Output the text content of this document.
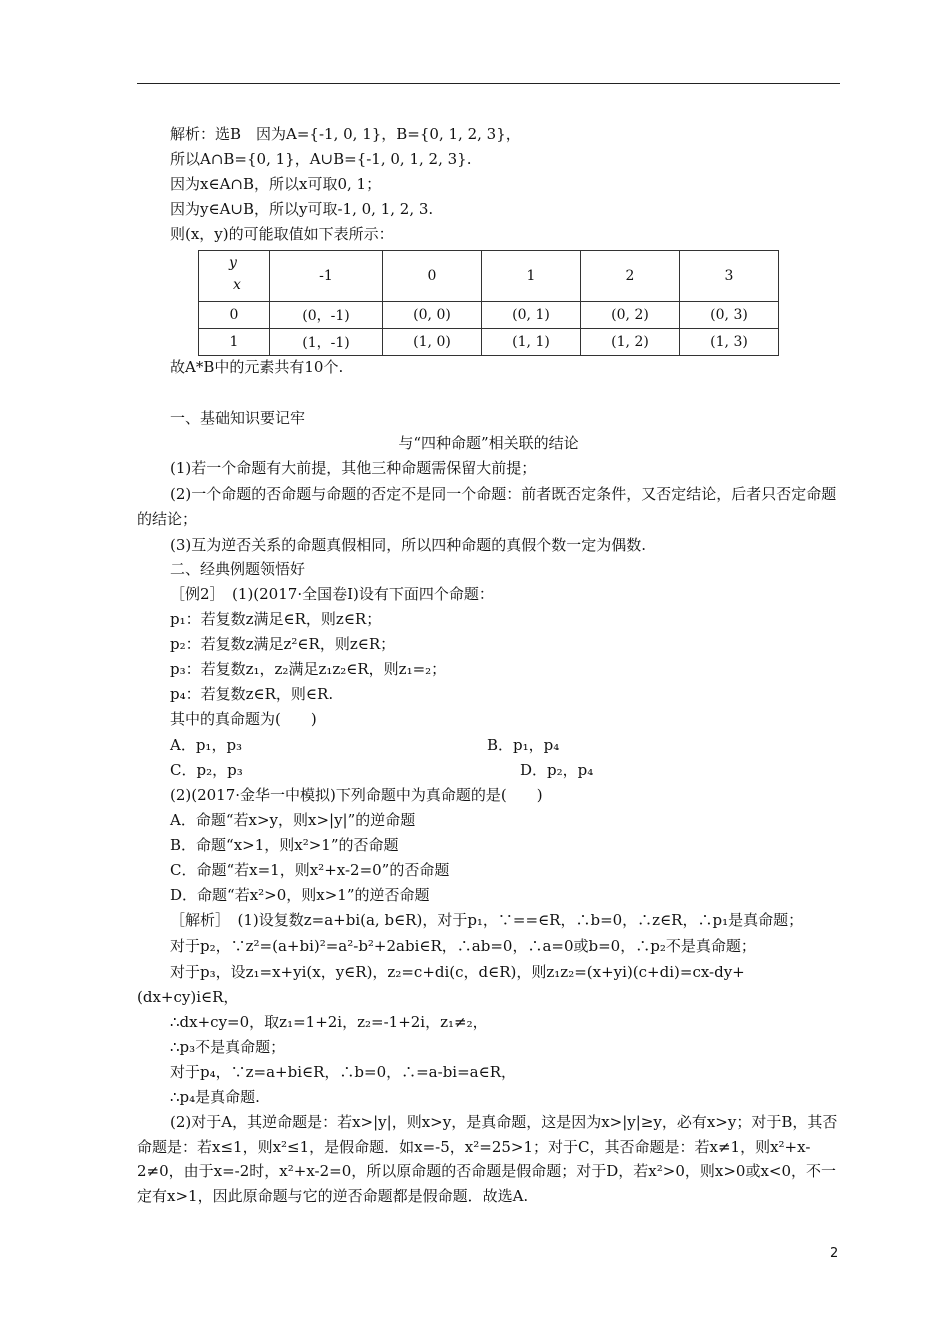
解析：选B　因为A={-1, 0, 1}，B={0, 1, 2, 3}，
所以A∩B={0, 1}，A∪B={-1, 0, 1, 2, 3}.
因为x∈A∩B，所以x可取0, 1；
因为y∈A∪B，所以y可取-1, 0, 1, 2, 3.
则(x，y)的可能取值如下表所示：
y
x	-1	0	1	2	3
0	(0，-1)	(0, 0)	(0, 1)	(0, 2)	(0, 3)
1	(1，-1)	(1, 0)	(1, 1)	(1, 2)	(1, 3)
故A*B中的元素共有10个.
一、基础知识要记牢
与“四种命题”相关联的结论
(1)若一个命题有大前提，其他三种命题需保留大前提；
(2)一个命题的否命题与命题的否定不是同一个命题：前者既否定条件，又否定结论，后者只否定命题的结论；
(3)互为逆否关系的命题真假相同，所以四种命题的真假个数一定为偶数.
二、经典例题领悟好
［例2］　(1)(2017·全国卷Ⅰ)设有下面四个命题：
p₁：若复数z满足∈R，则z∈R；
p₂：若复数z满足z²∈R，则z∈R；
p₃：若复数z₁，z₂满足z₁z₂∈R，则z₁=₂；
p₄：若复数z∈R，则∈R.
其中的真命题为(　　)
A．p₁，p₃	B．p₁，p₄
C．p₂，p₃	D．p₂，p₄
(2)(2017·金华一中模拟)下列命题中为真命题的是(　　)
A．命题“若x>y，则x>|y|”的逆命题
B．命题“x>1，则x²>1”的否命题
C．命题“若x=1，则x²+x-2=0”的否命题
D．命题“若x²>0，则x>1”的逆否命题
［解析］　(1)设复数z=a+bi(a, b∈R)，对于p₁，∵==∈R，∴b=0，∴z∈R，∴p₁是真命题；
对于p₂，∵z²=(a+bi)²=a²-b²+2abi∈R，∴ab=0，∴a=0或b=0，∴p₂不是真命题；
对于p₃，设z₁=x+yi(x，y∈R)，z₂=c+di(c，d∈R)，则z₁z₂=(x+yi)(c+di)=cx-dy+
(dx+cy)i∈R，
∴dx+cy=0，取z₁=1+2i，z₂=-1+2i，z₁≠₂，
∴p₃不是真命题；
对于p₄，∵z=a+bi∈R，∴b=0，∴=a-bi=a∈R，
∴p₄是真命题.
(2)对于A，其逆命题是：若x>|y|，则x>y，是真命题，这是因为x>|y|≥y，必有x>y；对于B，其否命题是：若x≤1，则x²≤1，是假命题．如x=-5，x²=25>1；对于C，其否命题是：若x≠1，则x²+x-2≠0，由于x=-2时，x²+x-2=0，所以原命题的否命题是假命题；对于D，若x²>0，则x>0或x<0，不一定有x>1，因此原命题与它的逆否命题都是假命题．故选A.
2
